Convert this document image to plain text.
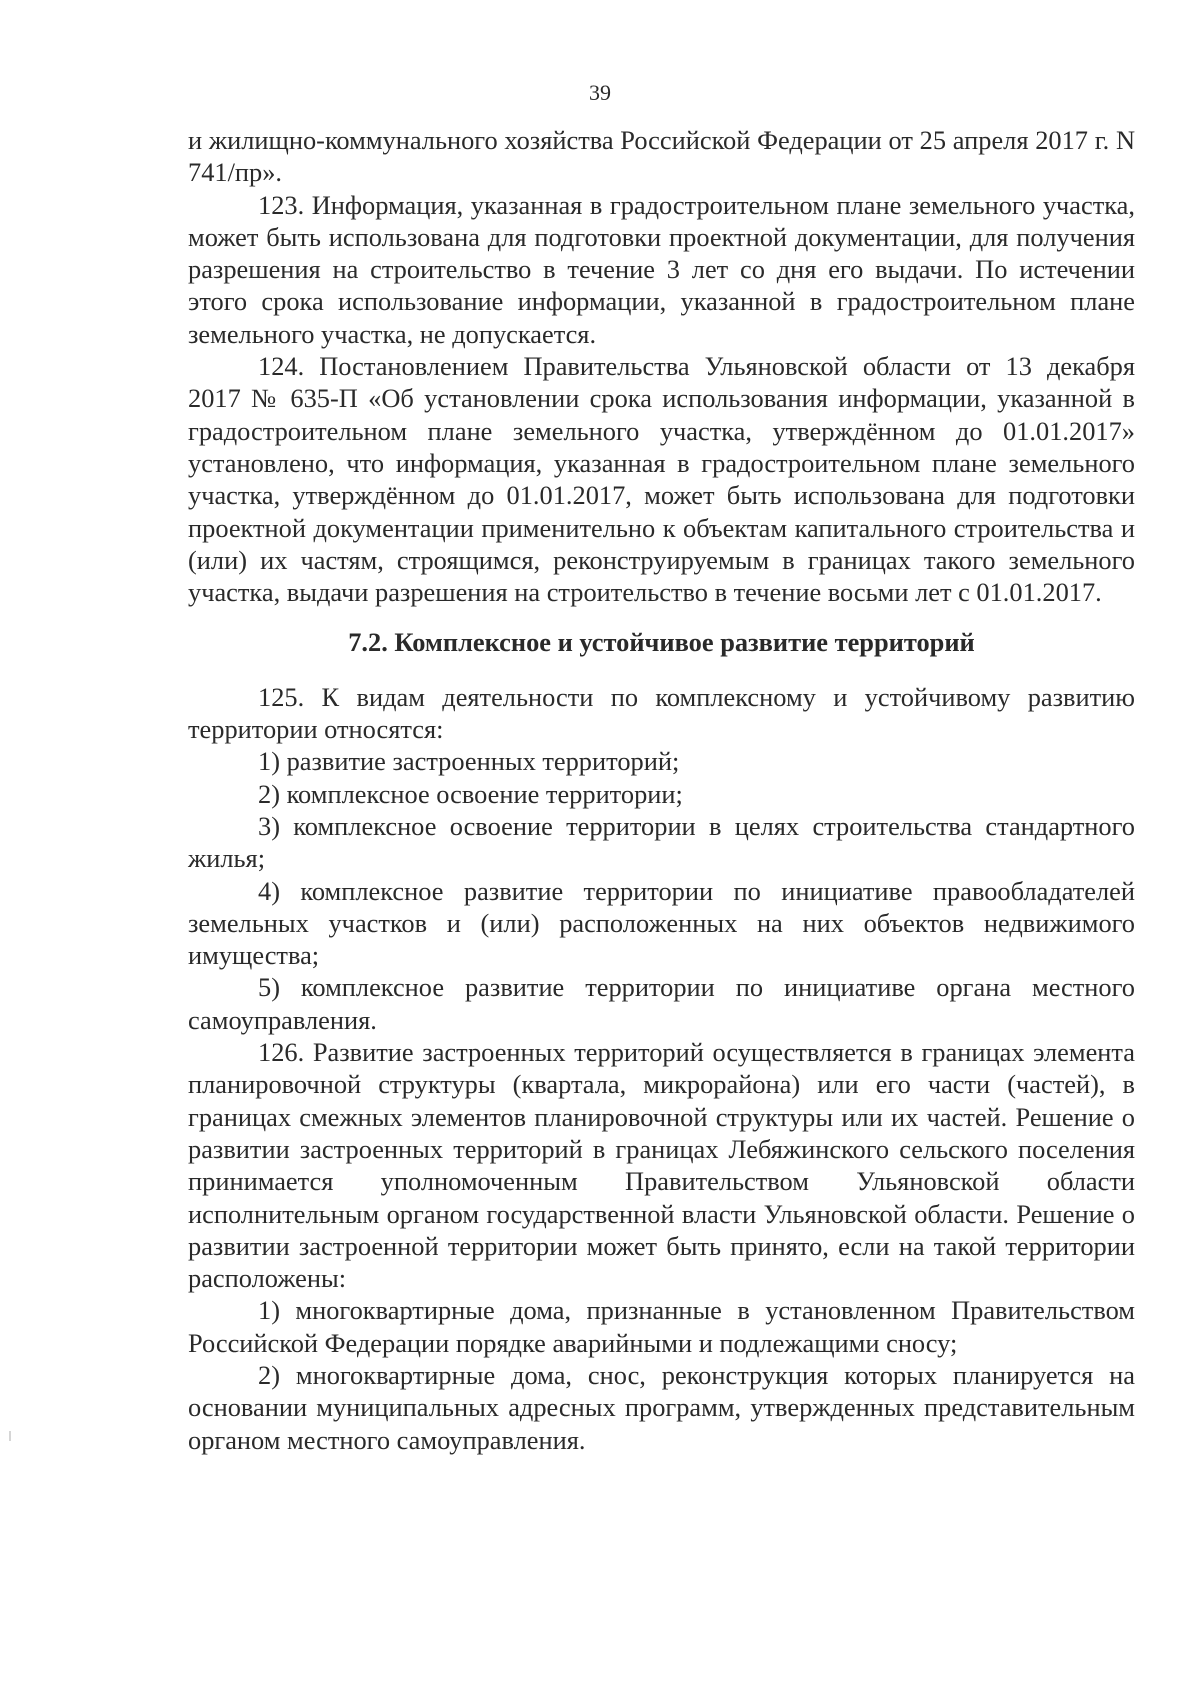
39

и жилищно-коммунального хозяйства Российской Федерации от 25 апреля 2017 г. N 741/пр».

123. Информация, указанная в градостроительном плане земельного участка, может быть использована для подготовки проектной документации, для получения разрешения на строительство в течение 3 лет со дня его выдачи. По истечении этого срока использование информации, указанной в градостроительном плане земельного участка, не допускается.

124. Постановлением Правительства Ульяновской области от 13 декабря 2017 № 635-П «Об установлении срока использования информации, указанной в градостроительном плане земельного участка, утверждённом до 01.01.2017» установлено, что информация, указанная в градостроительном плане земельного участка, утверждённом до 01.01.2017, может быть использована для подготовки проектной документации применительно к объектам капитального строительства и (или) их частям, строящимся, реконструируемым в границах такого земельного участка, выдачи разрешения на строительство в течение восьми лет с 01.01.2017.

7.2. Комплексное и устойчивое развитие территорий

125. К видам деятельности по комплексному и устойчивому развитию территории относятся:

1) развитие застроенных территорий;

2) комплексное освоение территории;

3) комплексное освоение территории в целях строительства стандартного жилья;

4) комплексное развитие территории по инициативе правообладателей земельных участков и (или) расположенных на них объектов недвижимого имущества;

5) комплексное развитие территории по инициативе органа местного самоуправления.

126. Развитие застроенных территорий осуществляется в границах элемента планировочной структуры (квартала, микрорайона) или его части (частей), в границах смежных элементов планировочной структуры или их частей. Решение о развитии застроенных территорий в границах Лебяжинского сельского поселения принимается уполномоченным Правительством Ульяновской области исполнительным органом государственной власти Ульяновской области. Решение о развитии застроенной территории может быть принято, если на такой территории расположены:

1) многоквартирные дома, признанные в установленном Правительством Российской Федерации порядке аварийными и подлежащими сносу;

2) многоквартирные дома, снос, реконструкция которых планируется на основании муниципальных адресных программ, утвержденных представительным органом местного самоуправления.
